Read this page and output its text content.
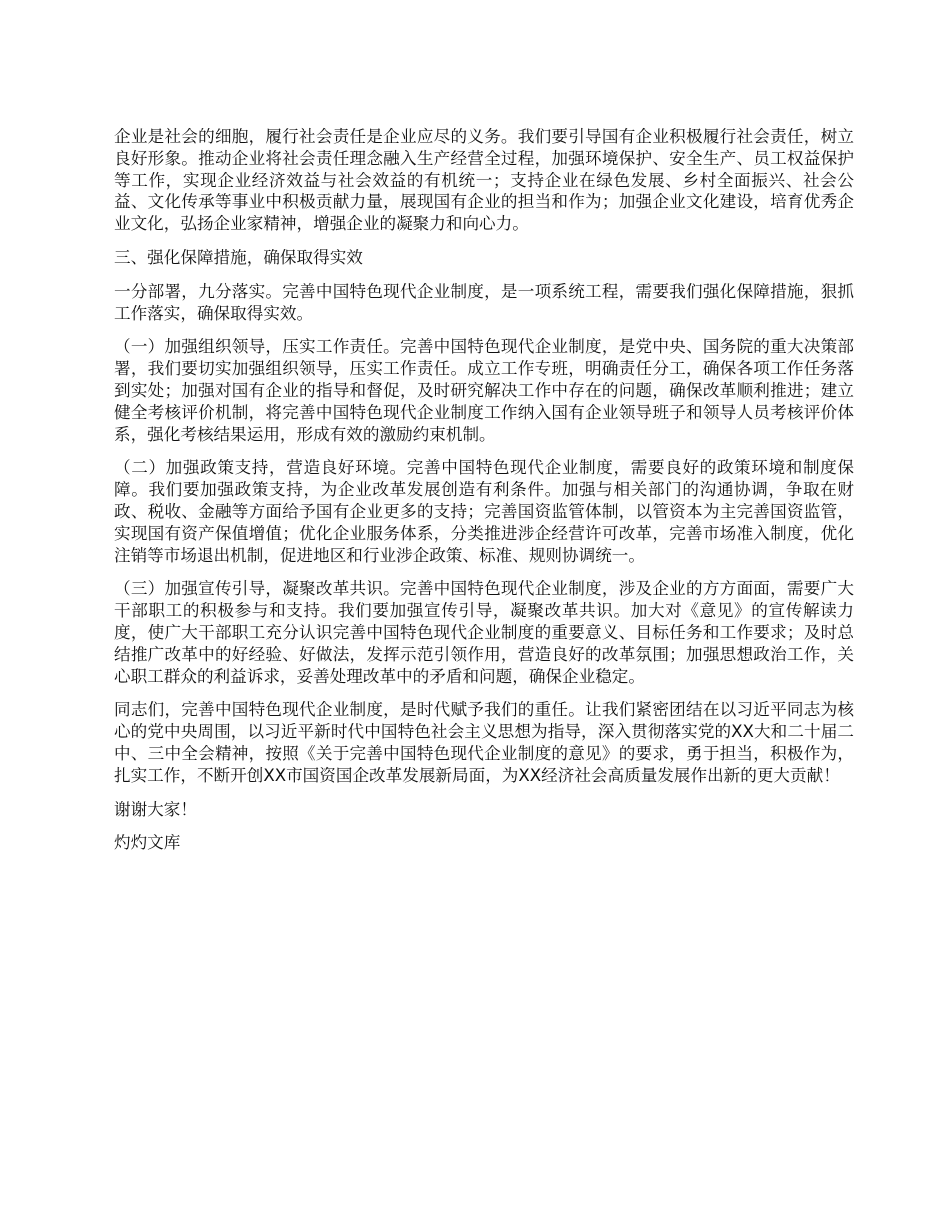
企业是社会的细胞，履行社会责任是企业应尽的义务。我们要引导国有企业积极履行社会责任，树立良好形象。推动企业将社会责任理念融入生产经营全过程，加强环境保护、安全生产、员工权益保护等工作，实现企业经济效益与社会效益的有机统一；支持企业在绿色发展、乡村全面振兴、社会公益、文化传承等事业中积极贡献力量，展现国有企业的担当和作为；加强企业文化建设，培育优秀企业文化，弘扬企业家精神，增强企业的凝聚力和向心力。

三、强化保障措施，确保取得实效

一分部署，九分落实。完善中国特色现代企业制度，是一项系统工程，需要我们强化保障措施，狠抓工作落实，确保取得实效。

（一）加强组织领导，压实工作责任。完善中国特色现代企业制度，是党中央、国务院的重大决策部署，我们要切实加强组织领导，压实工作责任。成立工作专班，明确责任分工，确保各项工作任务落到实处；加强对国有企业的指导和督促，及时研究解决工作中存在的问题，确保改革顺利推进；建立健全考核评价机制，将完善中国特色现代企业制度工作纳入国有企业领导班子和领导人员考核评价体系，强化考核结果运用，形成有效的激励约束机制。

（二）加强政策支持，营造良好环境。完善中国特色现代企业制度，需要良好的政策环境和制度保障。我们要加强政策支持，为企业改革发展创造有利条件。加强与相关部门的沟通协调，争取在财政、税收、金融等方面给予国有企业更多的支持；完善国资监管体制，以管资本为主完善国资监管，实现国有资产保值增值；优化企业服务体系，分类推进涉企经营许可改革，完善市场准入制度，优化注销等市场退出机制，促进地区和行业涉企政策、标准、规则协调统一。

（三）加强宣传引导，凝聚改革共识。完善中国特色现代企业制度，涉及企业的方方面面，需要广大干部职工的积极参与和支持。我们要加强宣传引导，凝聚改革共识。加大对《意见》的宣传解读力度，使广大干部职工充分认识完善中国特色现代企业制度的重要意义、目标任务和工作要求；及时总结推广改革中的好经验、好做法，发挥示范引领作用，营造良好的改革氛围；加强思想政治工作，关心职工群众的利益诉求，妥善处理改革中的矛盾和问题，确保企业稳定。

同志们，完善中国特色现代企业制度，是时代赋予我们的重任。让我们紧密团结在以习近平同志为核心的党中央周围，以习近平新时代中国特色社会主义思想为指导，深入贯彻落实党的XX大和二十届二中、三中全会精神，按照《关于完善中国特色现代企业制度的意见》的要求，勇于担当，积极作为，扎实工作，不断开创XX市国资国企改革发展新局面，为XX经济社会高质量发展作出新的更大贡献！

谢谢大家！

灼灼文库
